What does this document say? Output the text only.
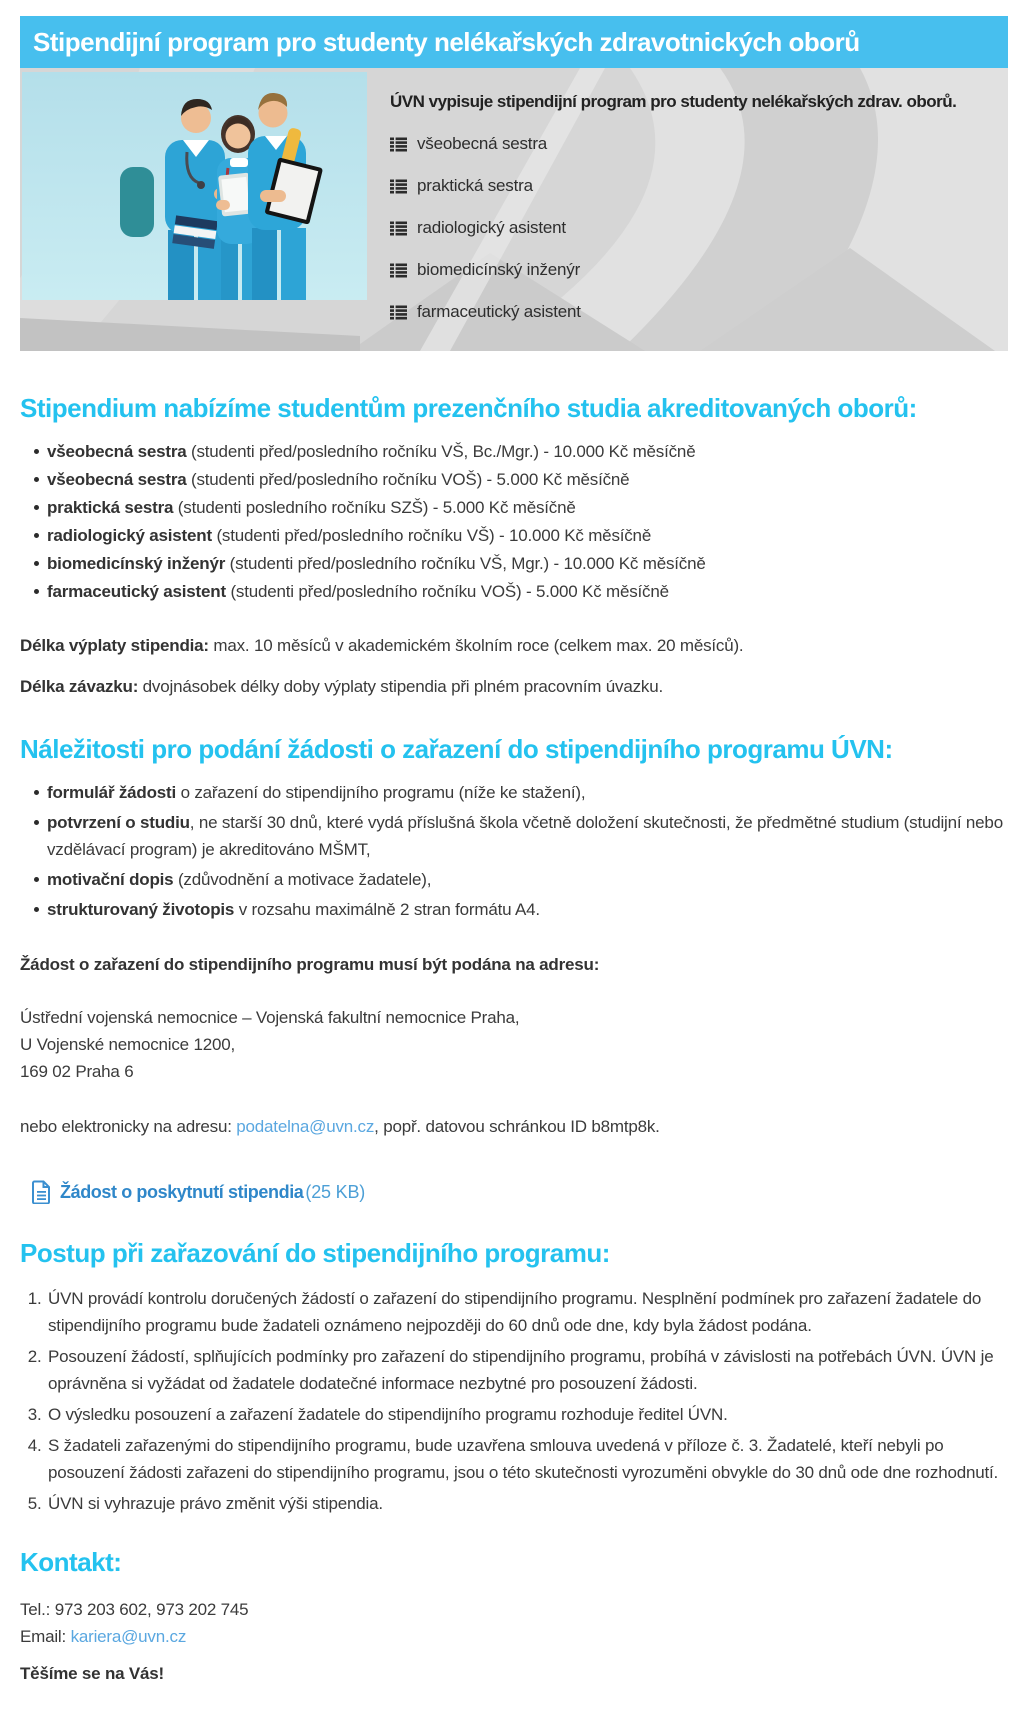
Stipendijní program pro studenty nelékařských zdravotnických oborů

ÚVN vypisuje stipendijní program pro studenty nelékařských zdrav. oborů.

všeobecná sestra
praktická sestra
radiologický asistent
biomedicínský inženýr
farmaceutický asistent
Stipendium nabízíme studentům prezenčního studia akreditovaných oborů:
všeobecná sestra (studenti před/posledního ročníku VŠ, Bc./Mgr.) - 10.000 Kč měsíčně
všeobecná sestra (studenti před/posledního ročníku VOŠ) - 5.000 Kč měsíčně
praktická sestra (studenti posledního ročníku SZŠ) - 5.000 Kč měsíčně
radiologický asistent (studenti před/posledního ročníku VŠ) - 10.000 Kč měsíčně
biomedicínský inženýr (studenti před/posledního ročníku VŠ, Mgr.) - 10.000 Kč měsíčně
farmaceutický asistent (studenti před/posledního ročníku VOŠ) - 5.000 Kč měsíčně

Délka výplaty stipendia: max. 10 měsíců v akademickém školním roce (celkem max. 20 měsíců).

Délka závazku: dvojnásobek délky doby výplaty stipendia při plném pracovním úvazku.

Náležitosti pro podání žádosti o zařazení do stipendijního programu ÚVN:
formulář žádosti o zařazení do stipendijního programu (níže ke stažení),
potvrzení o studiu, ne starší 30 dnů, které vydá příslušná škola včetně doložení skutečnosti, že předmětné studium (studijní nebo vzdělávací program) je akreditováno MŠMT,
motivační dopis (zdůvodnění a motivace žadatele),
strukturovaný životopis v rozsahu maximálně 2 stran formátu A4.

Žádost o zařazení do stipendijního programu musí být podána na adresu:

Ústřední vojenská nemocnice – Vojenská fakultní nemocnice Praha,
U Vojenské nemocnice 1200,
169 02 Praha 6

nebo elektronicky na adresu: podatelna@uvn.cz, popř. datovou schránkou ID b8mtp8k.

Žádost o poskytnutí stipendia (25 KB)

Postup při zařazování do stipendijního programu:
1. ÚVN provádí kontrolu doručených žádostí o zařazení do stipendijního programu. Nesplnění podmínek pro zařazení žadatele do stipendijního programu bude žadateli oznámeno nejpozději do 60 dnů ode dne, kdy byla žádost podána.
2. Posouzení žádostí, splňujících podmínky pro zařazení do stipendijního programu, probíhá v závislosti na potřebách ÚVN. ÚVN je oprávněna si vyžádat od žadatele dodatečné informace nezbytné pro posouzení žádosti.
3. O výsledku posouzení a zařazení žadatele do stipendijního programu rozhoduje ředitel ÚVN.
4. S žadateli zařazenými do stipendijního programu, bude uzavřena smlouva uvedená v příloze č. 3. Žadatelé, kteří nebyli po posouzení žádosti zařazeni do stipendijního programu, jsou o této skutečnosti vyrozuměni obvykle do 30 dnů ode dne rozhodnutí.
5. ÚVN si vyhrazuje právo změnit výši stipendia.
Kontakt:

Tel.: 973 203 602, 973 202 745

Email: kariera@uvn.cz

Těšíme se na Vás!
